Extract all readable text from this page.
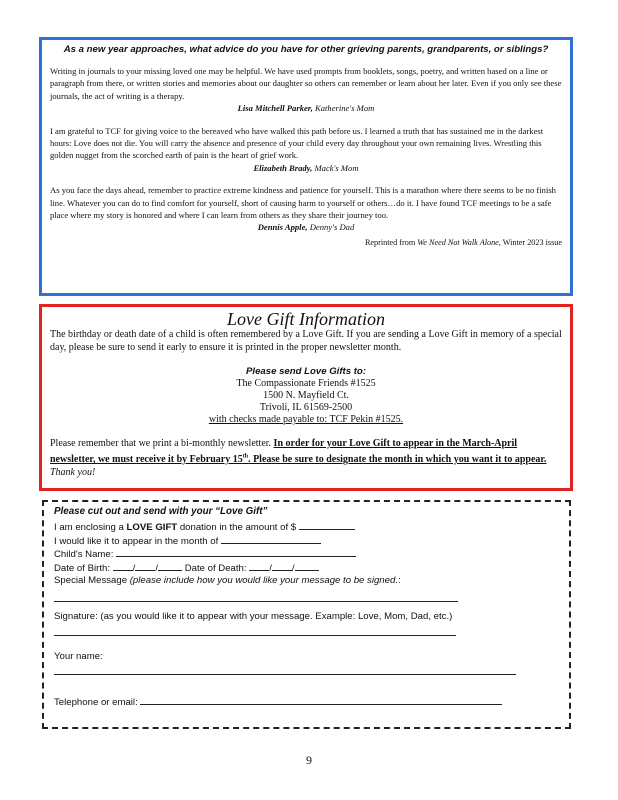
As a new year approaches, what advice do you have for other grieving parents, grandparents, or siblings?

Writing in journals to your missing loved one may be helpful. We have used prompts from booklets, songs, poetry, and written based on a line or paragraph from there, or written stories and memories about our daughter so others can remember or learn about her later. Even if you only see these journals, the act of writing is a therapy.

Lisa Mitchell Parker, Katherine's Mom

I am grateful to TCF for giving voice to the bereaved who have walked this path before us. I learned a truth that has sustained me in the darkest hours: Love does not die. You will carry the absence and presence of your child every day throughout your own remaining lives. Wrestling this golden nugget from the scorched earth of pain is the heart of grief work.

Elizabeth Brady, Mack's Mom

As you face the days ahead, remember to practice extreme kindness and patience for yourself. This is a marathon where there seems to be no finish line. Whatever you can do to find comfort for yourself, short of causing harm to yourself or others…do it. I have found TCF meetings to be a safe place where my story is honored and where I can learn from others as they share their journey too.

Dennis Apple, Denny's Dad
Reprinted from We Need Not Walk Alone, Winter 2023 issue
Love Gift Information

The birthday or death date of a child is often remembered by a Love Gift. If you are sending a Love Gift in memory of a special day, please be sure to send it early to ensure it is printed in the proper newsletter month.

Please send Love Gifts to:
The Compassionate Friends #1525
1500 N. Mayfield Ct.
Trivoli, IL 61569-2500
with checks made payable to: TCF Pekin #1525.

Please remember that we print a bi-monthly newsletter. In order for your Love Gift to appear in the March-April newsletter, we must receive it by February 15th. Please be sure to designate the month in which you want it to appear. Thank you!

Please cut out and send with your “Love Gift”
I am enclosing a LOVE GIFT donation in the amount of $
I would like it to appear in the month of
Child's Name:
Date of Birth: / /	Date of Death: / /
Special Message (please include how you would like your message to be signed.:
Signature: (as you would like it to appear with your message. Example: Love, Mom, Dad, etc.)
Your name:
Telephone or email:
9
